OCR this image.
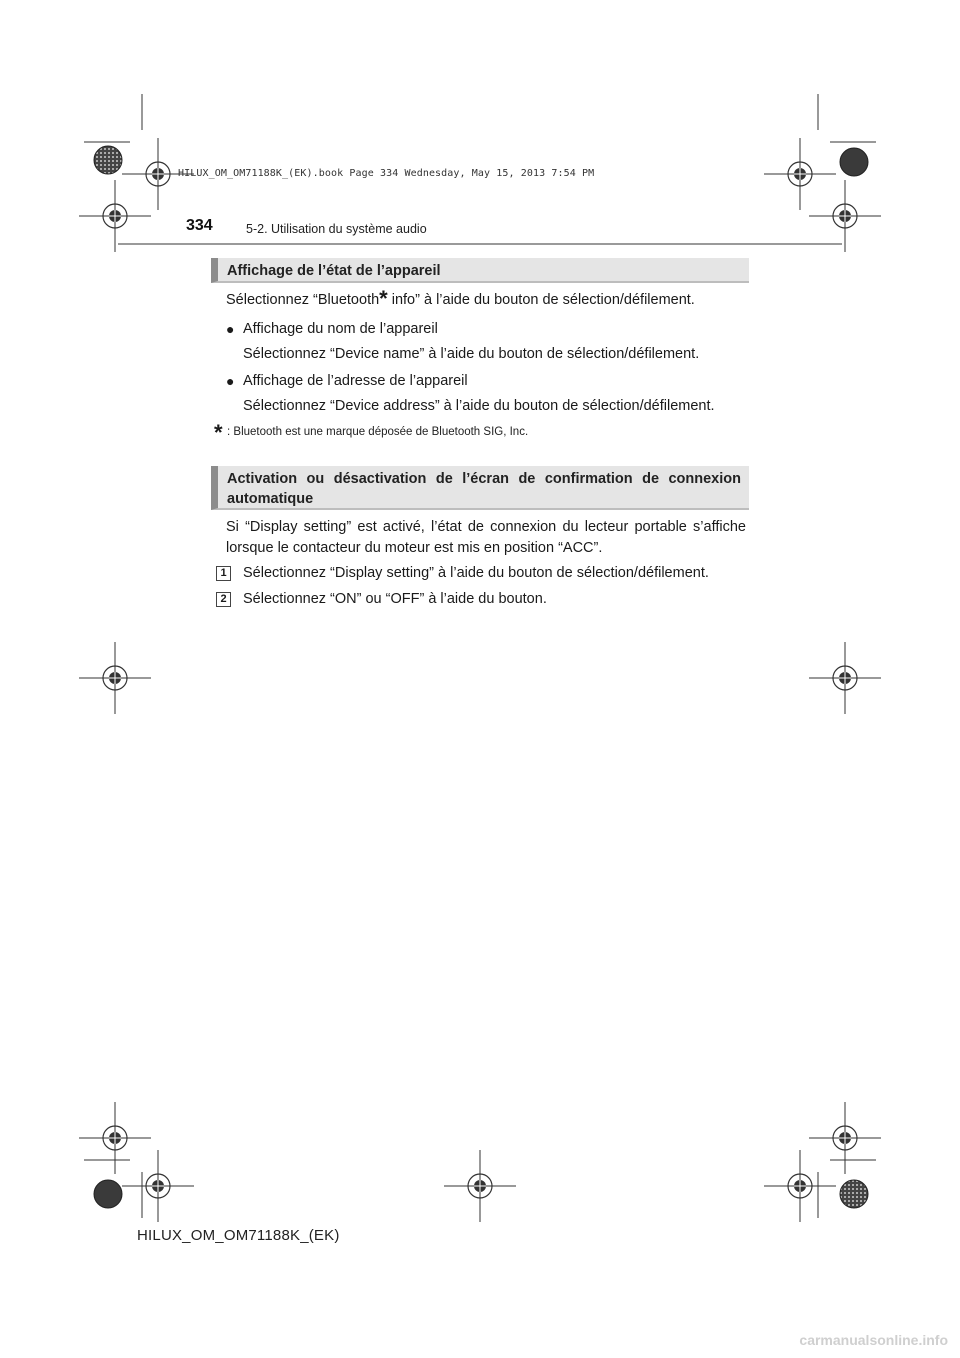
HILUX_OM_OM71188K_(EK).book Page 334 Wednesday, May 15, 2013 7:54 PM
334	5-2. Utilisation du système audio
Affichage de l’état de l’appareil
Sélectionnez “Bluetooth* info” à l’aide du bouton de sélection/défilement.
● Affichage du nom de l’appareil
Sélectionnez “Device name” à l’aide du bouton de sélection/défilement.
● Affichage de l’adresse de l’appareil
Sélectionnez “Device address” à l’aide du bouton de sélection/défilement.
* $^{: Bluetooth est une marque déposée de Bluetooth SIG, Inc.}$
Activation ou désactivation de l’écran de confirmation de connexion automatique
Si “Display setting” est activé, l’état de connexion du lecteur portable s’affiche lorsque le contacteur du moteur est mis en position “ACC”.
1	Sélectionnez “Display setting” à l’aide du bouton de sélection/défilement.
2	Sélectionnez “ON” ou “OFF” à l’aide du bouton.
HILUX_OM_OM71188K_(EK)
carmanualsonline.info
